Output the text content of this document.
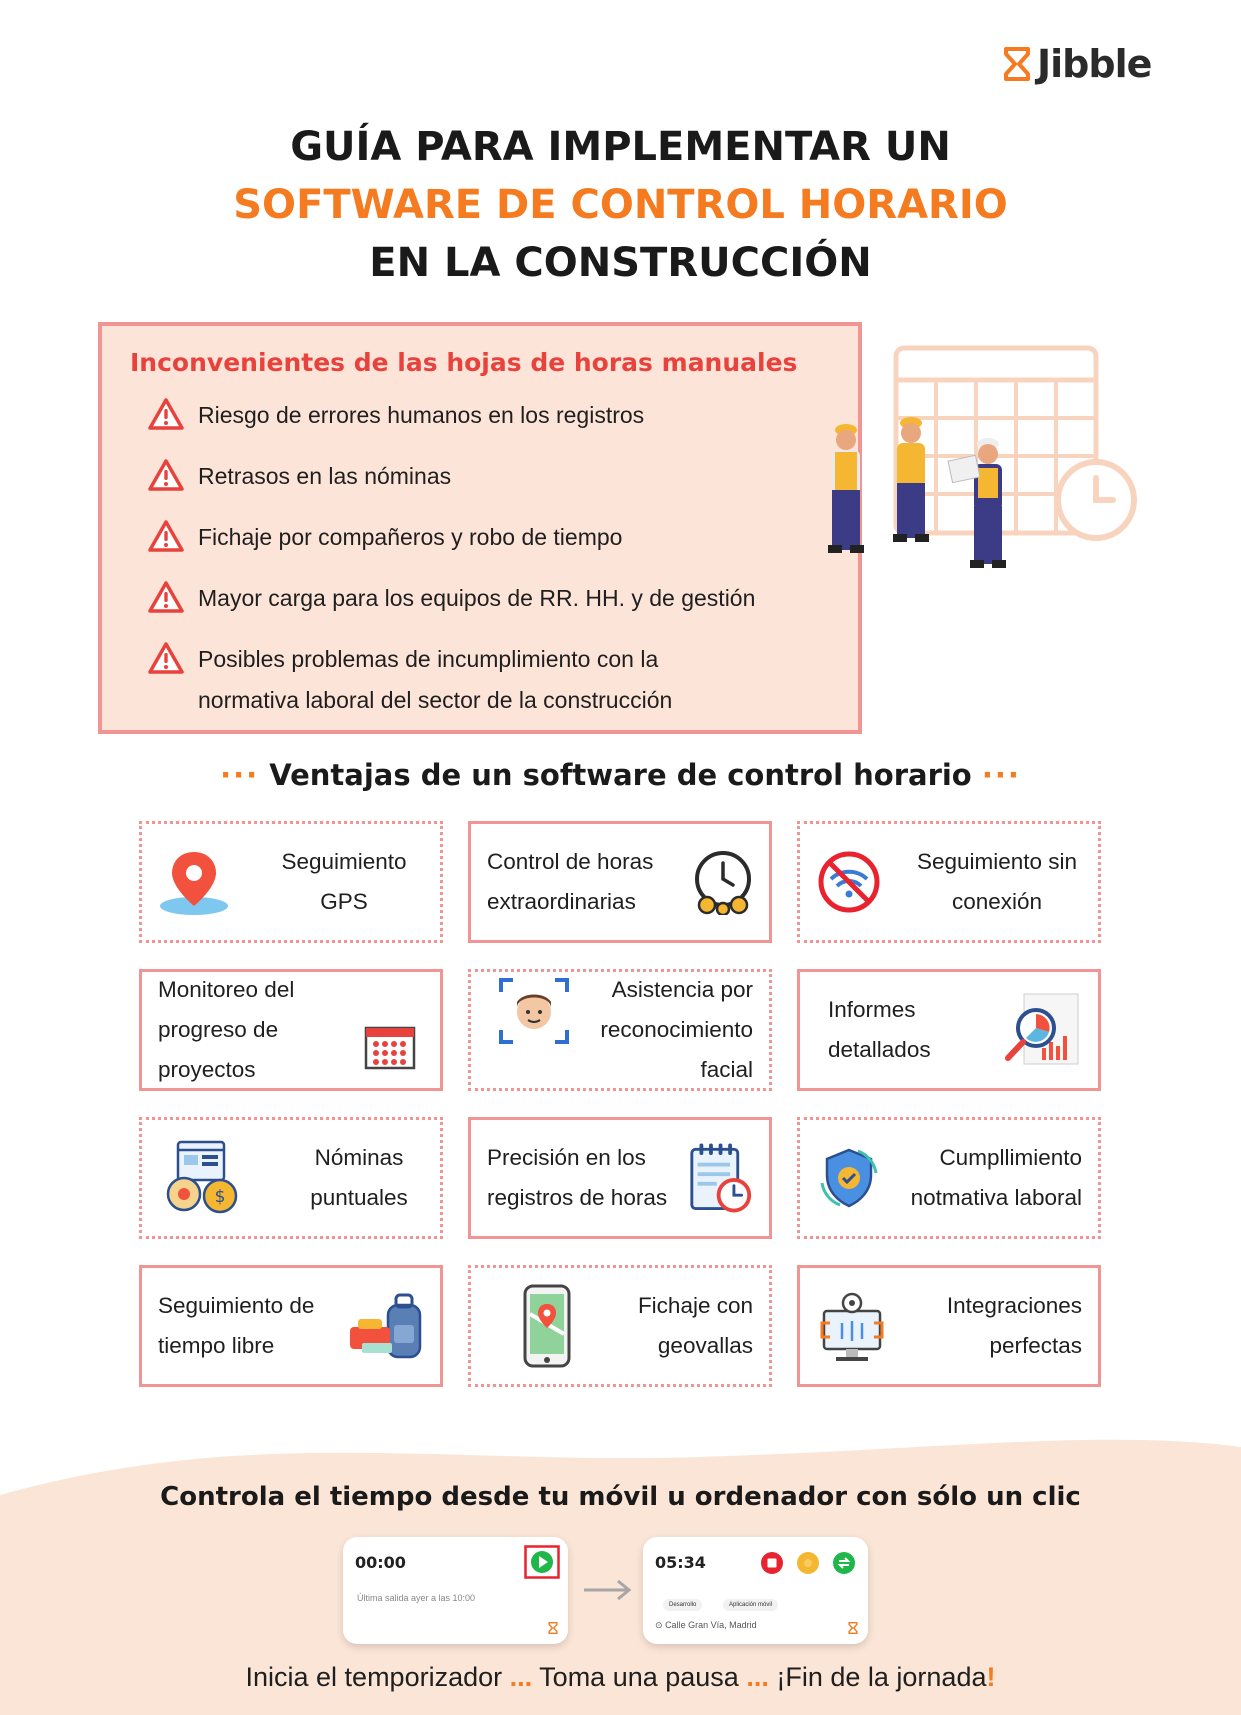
Jibble
GUÍA PARA IMPLEMENTAR UN
SOFTWARE DE CONTROL HORARIO
EN LA CONSTRUCCIÓN
Inconvenientes de las hojas de horas manuales
Riesgo de errores humanos en los registros
Retrasos en las nóminas
Fichaje por compañeros y robo de tiempo
Mayor carga para los equipos de RR. HH. y de gestión
Posibles problemas de incumplimiento con la normativa laboral del sector de la construcción
··· Ventajas de un software de control horario ···
Seguimiento GPS
Control de horas extraordinarias
Seguimiento sin conexión
Monitoreo del progreso de proyectos
Asistencia por reconocimiento facial
Informes detallados
$
Nóminas puntuales
Precisión en los registros de horas
Cumpllimiento notmativa laboral
Seguimiento de tiempo libre
Fichaje con geovallas
Integraciones perfectas
Controla el tiempo desde tu móvil u ordenador con sólo un clic
00:00
Última salida ayer a las 10:00
05:34
Desarrollo	Aplicación móvil
⊙ Calle Gran Vía, Madrid
Inicia el temporizador ... Toma una pausa ... ¡Fin de la jornada!
